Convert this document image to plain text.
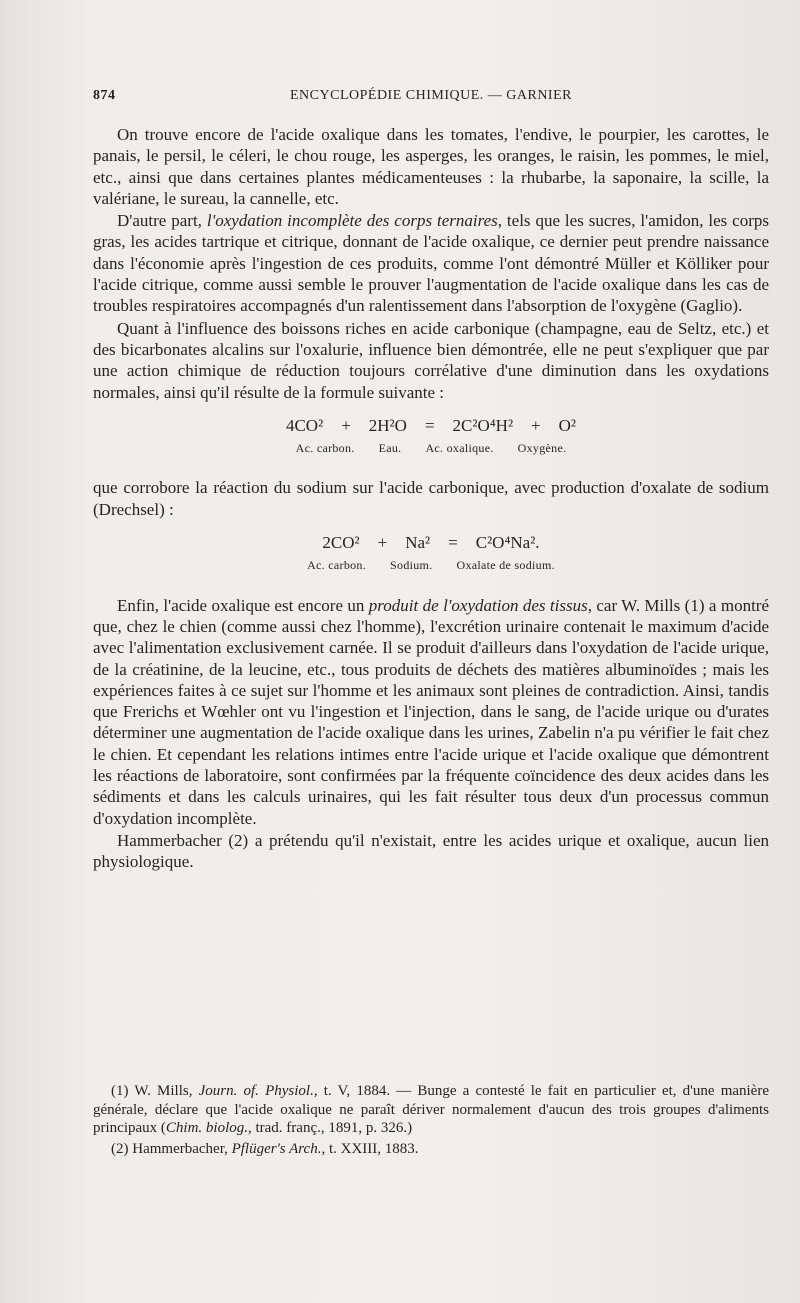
874	ENCYCLOPÉDIE CHIMIQUE. — GARNIER

On trouve encore de l'acide oxalique dans les tomates, l'endive, le pourpier, les carottes, le panais, le persil, le céleri, le chou rouge, les asperges, les oranges, le raisin, les pommes, le miel, etc., ainsi que dans certaines plantes médicamenteuses : la rhubarbe, la saponaire, la scille, la valériane, le sureau, la cannelle, etc.

D'autre part, l'oxydation incomplète des corps ternaires, tels que les sucres, l'amidon, les corps gras, les acides tartrique et citrique, donnant de l'acide oxalique, ce dernier peut prendre naissance dans l'économie après l'ingestion de ces produits, comme l'ont démontré Müller et Kölliker pour l'acide citrique, comme aussi semble le prouver l'augmentation de l'acide oxalique dans les cas de troubles respiratoires accompagnés d'un ralentissement dans l'absorption de l'oxygène (Gaglio).

Quant à l'influence des boissons riches en acide carbonique (champagne, eau de Seltz, etc.) et des bicarbonates alcalins sur l'oxalurie, influence bien démontrée, elle ne peut s'expliquer que par une action chimique de réduction toujours corrélative d'une diminution dans les oxydations normales, ainsi qu'il résulte de la formule suivante :

4CO² + 2H²O = 2C²O⁴H² + O²
Ac. carbon. Eau. Ac. oxalique. Oxygène.

que corrobore la réaction du sodium sur l'acide carbonique, avec production d'oxalate de sodium (Drechsel) :

2CO² + Na² = C²O⁴Na².
Ac. carbon. Sodium. Oxalate de sodium.

Enfin, l'acide oxalique est encore un produit de l'oxydation des tissus, car W. Mills (1) a montré que, chez le chien (comme aussi chez l'homme), l'excrétion urinaire contenait le maximum d'acide avec l'alimentation exclusivement carnée. Il se produit d'ailleurs dans l'oxydation de l'acide urique, de la créatinine, de la leucine, etc., tous produits de déchets des matières albuminoïdes ; mais les expériences faites à ce sujet sur l'homme et les animaux sont pleines de contradiction. Ainsi, tandis que Frerichs et Wœhler ont vu l'ingestion et l'injection, dans le sang, de l'acide urique ou d'urates déterminer une augmentation de l'acide oxalique dans les urines, Zabelin n'a pu vérifier le fait chez le chien. Et cependant les relations intimes entre l'acide urique et l'acide oxalique que démontrent les réactions de laboratoire, sont confirmées par la fréquente coïncidence des deux acides dans les sédiments et dans les calculs urinaires, qui les fait résulter tous deux d'un processus commun d'oxydation incomplète.

Hammerbacher (2) a prétendu qu'il n'existait, entre les acides urique et oxalique, aucun lien physiologique.

(1) W. Mills, Journ. of. Physiol., t. V, 1884. — Bunge a contesté le fait en particulier et, d'une manière générale, déclare que l'acide oxalique ne paraît dériver normalement d'aucun des trois groupes d'aliments principaux (Chim. biolog., trad. franç., 1891, p. 326.)

(2) Hammerbacher, Pflüger's Arch., t. XXIII, 1883.
